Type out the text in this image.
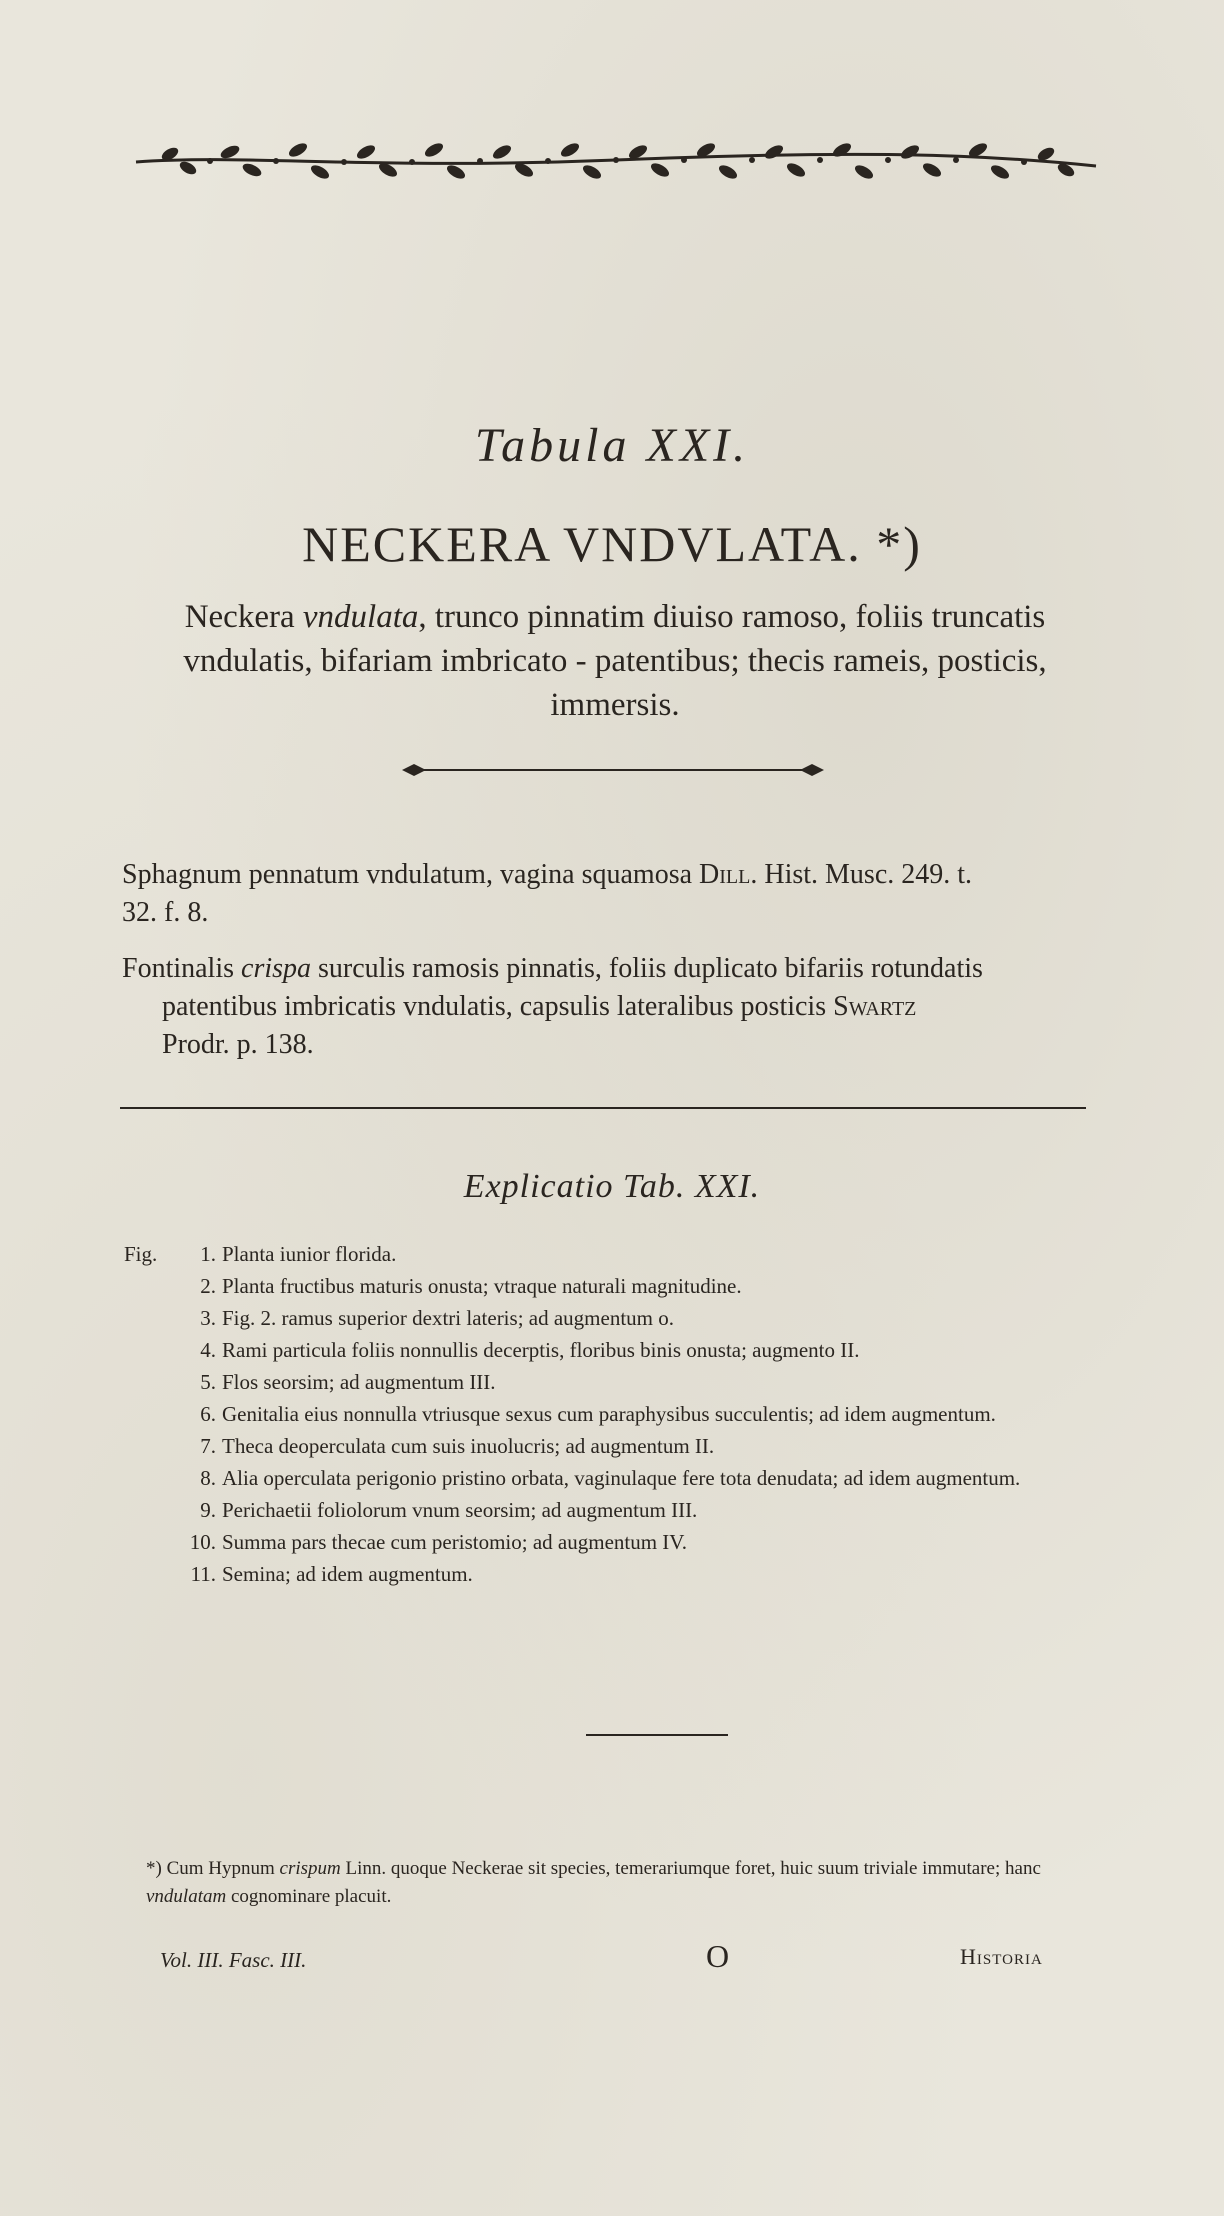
Tabula XXI.
NECKERA VNDVLATA. *)
Neckera vndulata, trunco pinnatim diuiso ramoso, foliis truncatis vndulatis, bifariam imbricato - patentibus; thecis rameis, posticis, immersis.
Sphagnum pennatum vndulatum, vagina squamosa Dill. Hist. Musc. 249. t.
32. f. 8.
Fontinalis crispa surculis ramosis pinnatis, foliis duplicato bifariis rotundatis
patentibus imbricatis vndulatis, capsulis lateralibus posticis Swartz
Prodr. p. 138.
Explicatio Tab. XXI.
Fig.	1. Planta iunior florida.
2. Planta fructibus maturis onusta; vtraque naturali magnitudine.
3. Fig. 2. ramus superior dextri lateris; ad augmentum o.
4. Rami particula foliis nonnullis decerptis, floribus binis onusta; augmento II.
5. Flos seorsim; ad augmentum III.
6. Genitalia eius nonnulla vtriusque sexus cum paraphysibus succulentis; ad idem augmentum.
7. Theca deoperculata cum suis inuolucris; ad augmentum II.
8. Alia operculata perigonio pristino orbata, vaginulaque fere tota denudata; ad idem augmentum.
9. Perichaetii foliolorum vnum seorsim; ad augmentum III.
10. Summa pars thecae cum peristomio; ad augmentum IV.
11. Semina; ad idem augmentum.
*) Cum Hypnum crispum Linn. quoque Neckerae sit species, temerariumque foret, huic suum triviale immutare; hanc vndulatam cognominare placuit.
Vol. III. Fasc. III.	O	Historia
